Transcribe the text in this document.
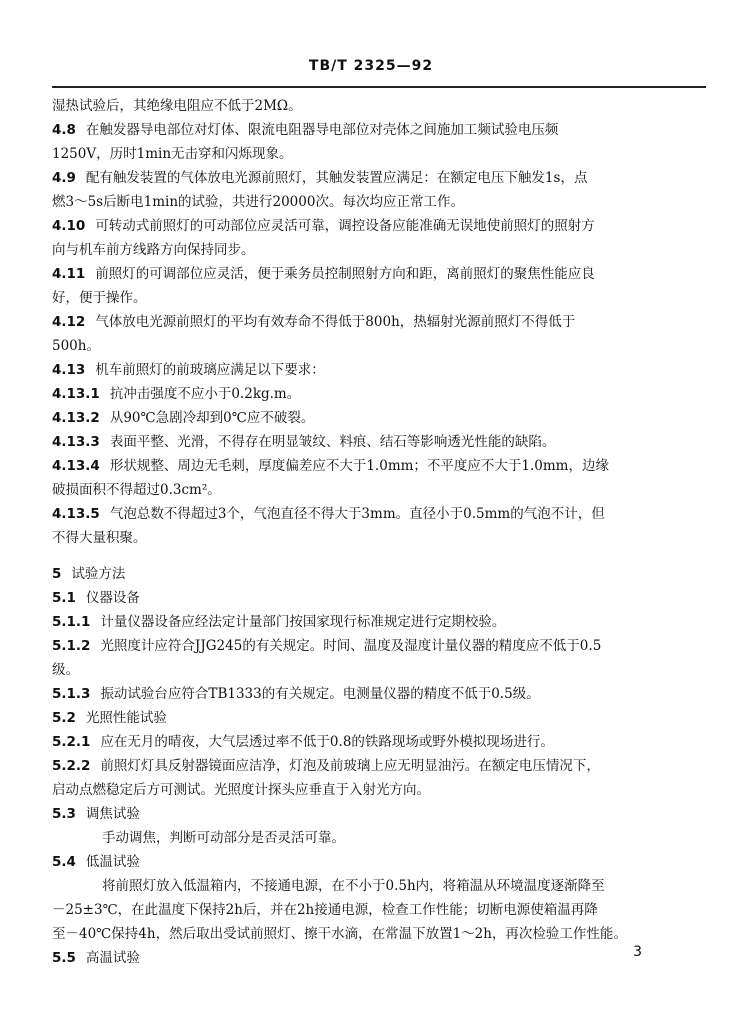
TB/T 2325—92
湿热试验后，其绝缘电阻应不低于2MΩ。
4.8 在触发器导电部位对灯体、限流电阻器导电部位对壳体之间施加工频试验电压频
1250V，历时1min无击穿和闪烁现象。
4.9 配有触发装置的气体放电光源前照灯，其触发装置应满足：在额定电压下触发1s，点
燃3～5s后断电1min的试验，共进行20000次。每次均应正常工作。
4.10 可转动式前照灯的可动部位应灵活可靠，调控设备应能准确无误地使前照灯的照射方
向与机车前方线路方向保持同步。
4.11 前照灯的可调部位应灵活，便于乘务员控制照射方向和距，离前照灯的聚焦性能应良
好，便于操作。
4.12 气体放电光源前照灯的平均有效寿命不得低于800h，热辐射光源前照灯不得低于
500h。
4.13 机车前照灯的前玻璃应满足以下要求：
4.13.1 抗冲击强度不应小于0.2kg.m。
4.13.2 从90℃急剧冷却到0℃应不破裂。
4.13.3 表面平整、光滑，不得存在明显皱纹、料痕、结石等影响透光性能的缺陷。
4.13.4 形状规整、周边无毛刺，厚度偏差应不大于1.0mm；不平度应不大于1.0mm，边缘
破损面积不得超过0.3cm²。
4.13.5 气泡总数不得超过3个，气泡直径不得大于3mm。直径小于0.5mm的气泡不计，但
不得大量积聚。
5 试验方法
5.1 仪器设备
5.1.1 计量仪器设备应经法定计量部门按国家现行标准规定进行定期校验。
5.1.2 光照度计应符合JJG245的有关规定。时间、温度及湿度计量仪器的精度应不低于0.5
级。
5.1.3 振动试验台应符合TB1333的有关规定。电测量仪器的精度不低于0.5级。
5.2 光照性能试验
5.2.1 应在无月的晴夜，大气层透过率不低于0.8的铁路现场或野外模拟现场进行。
5.2.2 前照灯灯具反射器镜面应洁净，灯泡及前玻璃上应无明显油污。在额定电压情况下，
启动点燃稳定后方可测试。光照度计探头应垂直于入射光方向。
5.3 调焦试验
手动调焦，判断可动部分是否灵活可靠。
5.4 低温试验
将前照灯放入低温箱内，不接通电源，在不小于0.5h内，将箱温从环境温度逐渐降至
－25±3℃，在此温度下保持2h后，并在2h接通电源，检查工作性能；切断电源使箱温再降
至－40℃保持4h，然后取出受试前照灯、擦干水滴，在常温下放置1～2h，再次检验工作性能。
5.5 高温试验	3
